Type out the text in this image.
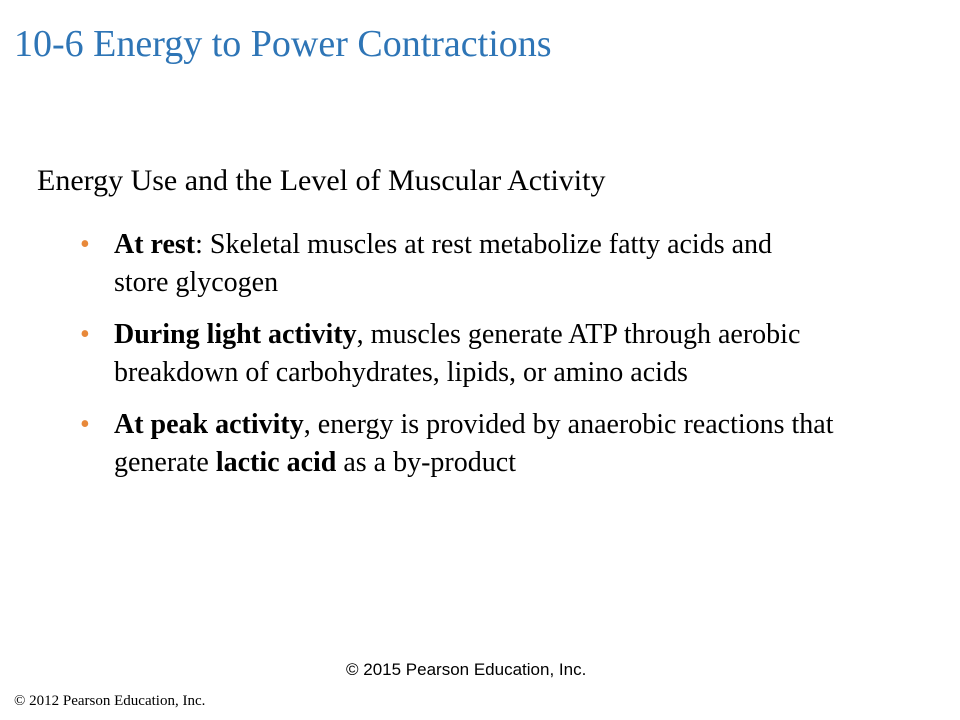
10-6 Energy to Power Contractions
Energy Use and the Level of Muscular Activity
• At rest: Skeletal muscles at rest metabolize fatty acids and store glycogen
• During light activity, muscles generate ATP through aerobic breakdown of carbohydrates, lipids, or amino acids
• At peak activity, energy is provided by anaerobic reactions that generate lactic acid as a by-product
© 2015 Pearson Education, Inc.
© 2012 Pearson Education, Inc.
